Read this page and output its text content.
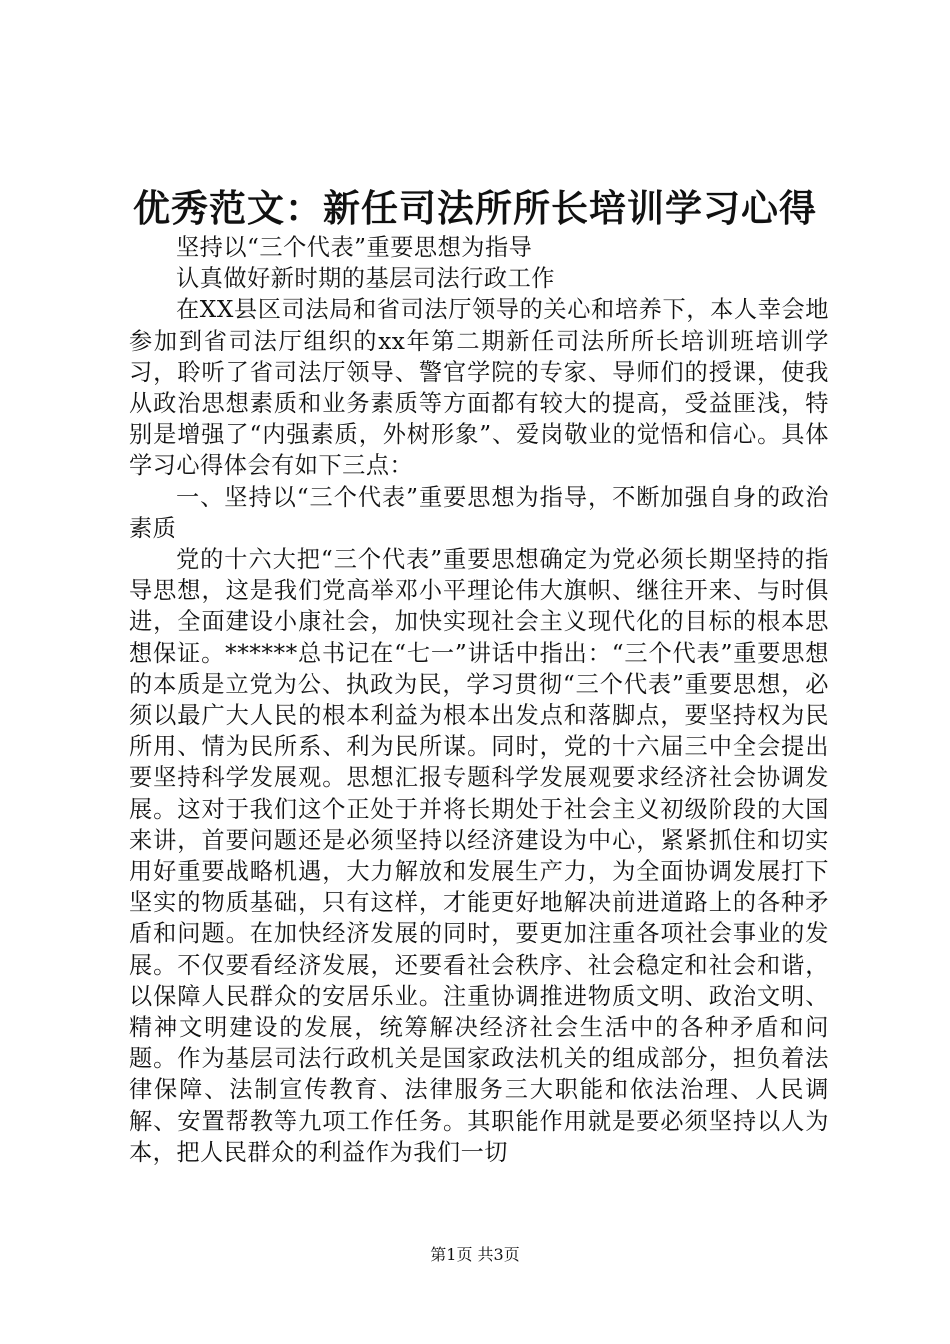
优秀范文：新任司法所所长培训学习心得

坚持以“三个代表”重要思想为指导

认真做好新时期的基层司法行政工作

在XX县区司法局和省司法厅领导的关心和培养下，本人幸会地参加到省司法厅组织的xx年第二期新任司法所所长培训班培训学习，聆听了省司法厅领导、警官学院的专家、导师们的授课，使我从政治思想素质和业务素质等方面都有较大的提高，受益匪浅，特别是增强了“内强素质，外树形象”、爱岗敬业的觉悟和信心。具体学习心得体会有如下三点：

一、坚持以“三个代表”重要思想为指导，不断加强自身的政治素质

党的十六大把“三个代表”重要思想确定为党必须长期坚持的指导思想，这是我们党高举邓小平理论伟大旗帜、继往开来、与时俱进，全面建设小康社会，加快实现社会主义现代化的目标的根本思想保证。******总书记在“七一”讲话中指出：“三个代表”重要思想的本质是立党为公、执政为民，学习贯彻“三个代表”重要思想，必须以最广大人民的根本利益为根本出发点和落脚点，要坚持权为民所用、情为民所系、利为民所谋。同时，党的十六届三中全会提出要坚持科学发展观。思想汇报专题科学发展观要求经济社会协调发展。这对于我们这个正处于并将长期处于社会主义初级阶段的大国来讲，首要问题还是必须坚持以经济建设为中心，紧紧抓住和切实用好重要战略机遇，大力解放和发展生产力，为全面协调发展打下坚实的物质基础，只有这样，才能更好地解决前进道路上的各种矛盾和问题。在加快经济发展的同时，要更加注重各项社会事业的发展。不仅要看经济发展，还要看社会秩序、社会稳定和社会和谐，以保障人民群众的安居乐业。注重协调推进物质文明、政治文明、精神文明建设的发展，统筹解决经济社会生活中的各种矛盾和问题。作为基层司法行政机关是国家政法机关的组成部分，担负着法律保障、法制宣传教育、法律服务三大职能和依法治理、人民调解、安置帮教等九项工作任务。其职能作用就是要必须坚持以人为本，把人民群众的利益作为我们一切

第1页 共3页
